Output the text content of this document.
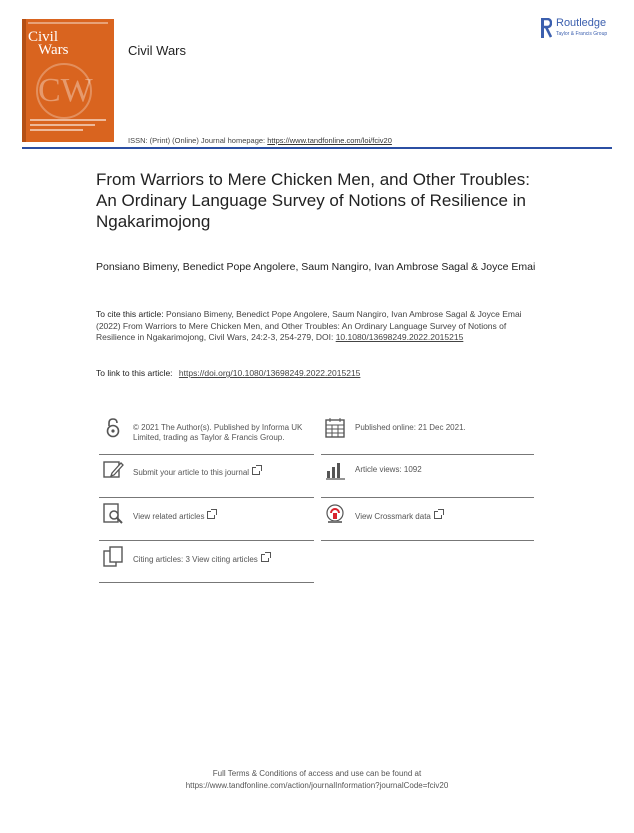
Civil
Wars
CW
Civil Wars
ISSN: (Print) (Online) Journal homepage: https://www.tandfonline.com/loi/fciv20
Routledge
Taylor & Francis Group
From Warriors to Mere Chicken Men, and Other Troubles: An Ordinary Language Survey of Notions of Resilience in Ngakarimojong
Ponsiano Bimeny, Benedict Pope Angolere, Saum Nangiro, Ivan Ambrose Sagal & Joyce Emai
To cite this article: Ponsiano Bimeny, Benedict Pope Angolere, Saum Nangiro, Ivan Ambrose Sagal & Joyce Emai (2022) From Warriors to Mere Chicken Men, and Other Troubles: An Ordinary Language Survey of Notions of Resilience in Ngakarimojong, Civil Wars, 24:2-3, 254-279, DOI: 10.1080/13698249.2022.2015215
To link to this article: https://doi.org/10.1080/13698249.2022.2015215
© 2021 The Author(s). Published by Informa UK Limited, trading as Taylor & Francis Group.
Submit your article to this journal
View related articles
Citing articles: 3 View citing articles
Published online: 21 Dec 2021.
Article views: 1092
View Crossmark data
Full Terms & Conditions of access and use can be found at
https://www.tandfonline.com/action/journalInformation?journalCode=fciv20
